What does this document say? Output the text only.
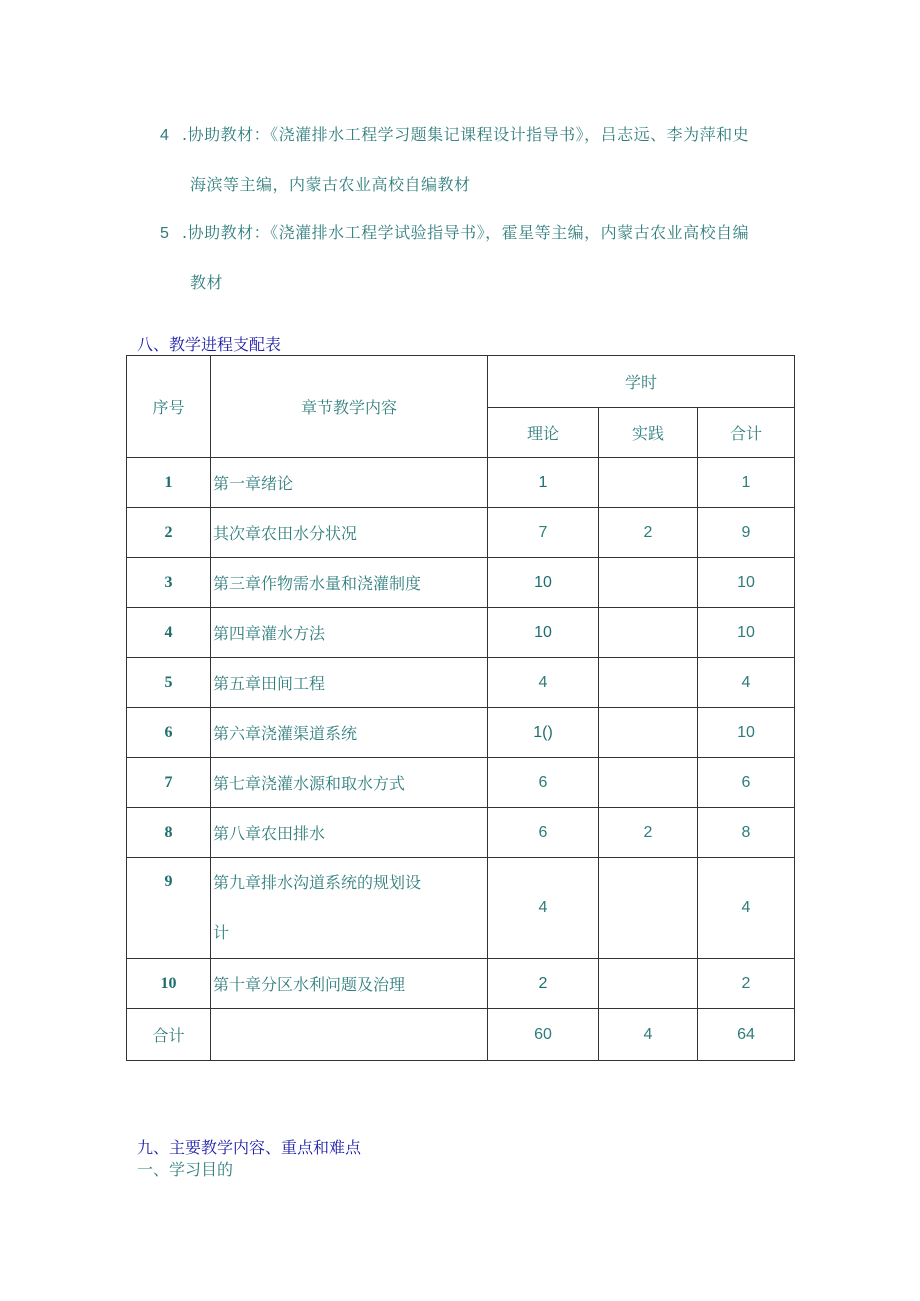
4 .协助教材：《浇灌排水工程学习题集记课程设计指导书》，吕志远、李为萍和史
海滨等主编，内蒙古农业高校自编教材
5 .协助教材：《浇灌排水工程学试验指导书》，霍星等主编，内蒙古农业高校自编
教材
八、教学进程支配表
序号	章节教学内容	学时		
		理论	实践	合计
1	第一章绪论	1		1
2	其次章农田水分状况	7	2	9
3	第三章作物需水量和浇灌制度	10		10
4	第四章灌水方法	10		10
5	第五章田间工程	4		4
6	第六章浇灌渠道系统	1()		10
7	第七章浇灌水源和取水方式	6		6
8	第八章农田排水	6	2	8
9	第九章排水沟道系统的规划设
计	4		4
10	第十章分区水利问题及治理	2		2
合计		60	4	64
九、主要教学内容、重点和难点
一、学习目的
